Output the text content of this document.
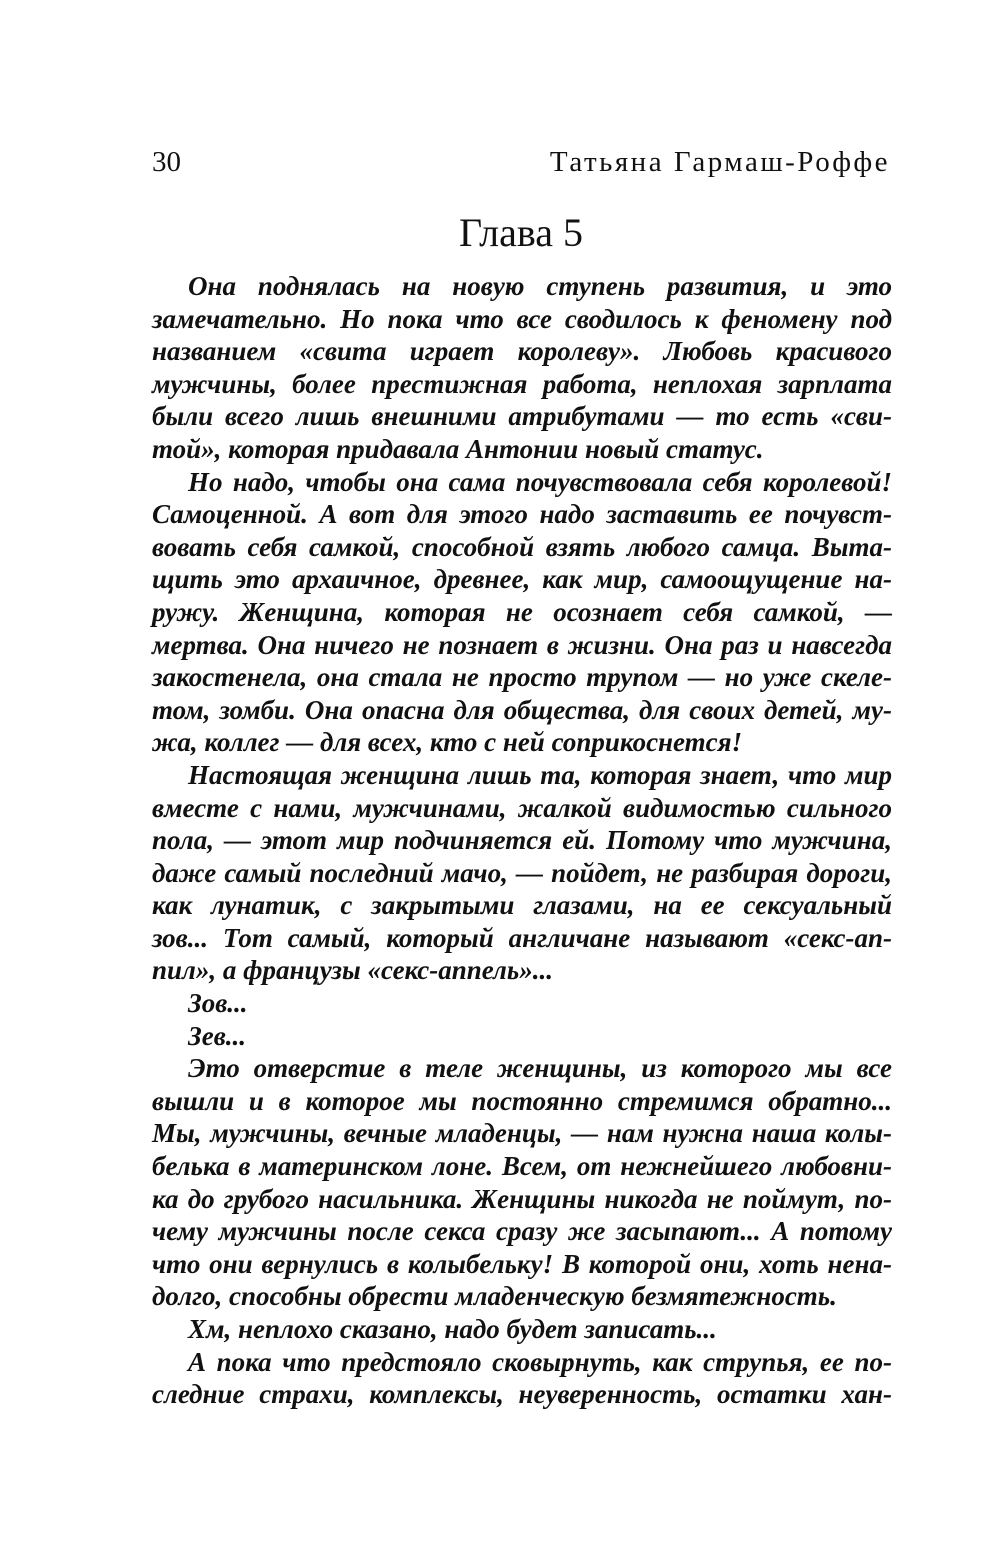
30	Татьяна Гармаш-Роффе
Глава 5
Она поднялась на новую ступень развития, и это
замечательно. Но пока что все сводилось к феномену под
названием «свита играет королеву». Любовь красивого
мужчины, более престижная работа, неплохая зарплата
были всего лишь внешними атрибутами — то есть «сви-
той», которая придавала Антонии новый статус.
Но надо, чтобы она сама почувствовала себя королевой!
Самоценной. А вот для этого надо заставить ее почувст-
вовать себя самкой, способной взять любого самца. Выта-
щить это архаичное, древнее, как мир, самоощущение на-
ружу. Женщина, которая не осознает себя самкой, —
мертва. Она ничего не познает в жизни. Она раз и навсегда
закостенела, она стала не просто трупом — но уже скеле-
том, зомби. Она опасна для общества, для своих детей, му-
жа, коллег — для всех, кто с ней соприкоснется!
Настоящая женщина лишь та, которая знает, что мир
вместе с нами, мужчинами, жалкой видимостью сильного
пола, — этот мир подчиняется ей. Потому что мужчина,
даже самый последний мачо, — пойдет, не разбирая дороги,
как лунатик, с закрытыми глазами, на ее сексуальный
зов... Тот самый, который англичане называют «секс-ап-
пил», а французы «секс-аппель»...
Зов...
Зев...
Это отверстие в теле женщины, из которого мы все
вышли и в которое мы постоянно стремимся обратно...
Мы, мужчины, вечные младенцы, — нам нужна наша колы-
белька в материнском лоне. Всем, от нежнейшего любовни-
ка до грубого насильника. Женщины никогда не поймут, по-
чему мужчины после секса сразу же засыпают... А потому
что они вернулись в колыбельку! В которой они, хоть нена-
долго, способны обрести младенческую безмятежность.
Хм, неплохо сказано, надо будет записать...
А пока что предстояло сковырнуть, как струпья, ее по-
следние страхи, комплексы, неуверенность, остатки хан-
